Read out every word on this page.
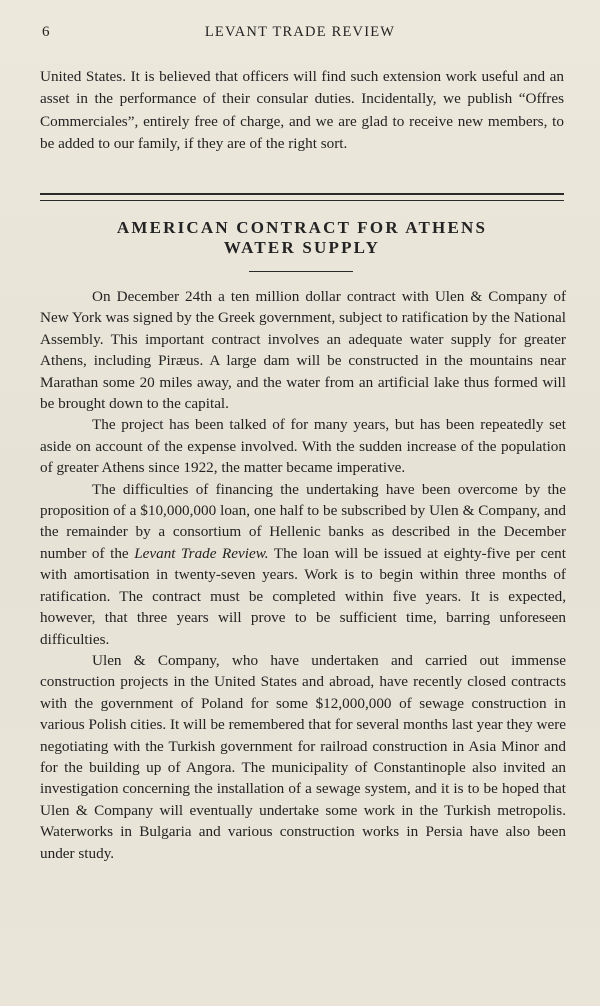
6	LEVANT TRADE REVIEW

United States. It is believed that officers will find such extension work useful and an asset in the performance of their consular duties. Incidentally, we publish “Offres Commerciales”, entirely free of charge, and we are glad to receive new members, to be added to our family, if they are of the right sort.

AMERICAN CONTRACT FOR ATHENS
WATER SUPPLY

On December 24th a ten million dollar contract with Ulen & Company of New York was signed by the Greek government, subject to ratification by the National Assembly. This important contract involves an adequate water supply for greater Athens, including Piræus. A large dam will be constructed in the mountains near Marathan some 20 miles away, and the water from an artificial lake thus formed will be brought down to the capital.

The project has been talked of for many years, but has been repeatedly set aside on account of the expense involved. With the sudden increase of the population of greater Athens since 1922, the matter became imperative.

The difficulties of financing the undertaking have been overcome by the proposition of a $10,000,000 loan, one half to be subscribed by Ulen & Company, and the remainder by a consortium of Hellenic banks as described in the December number of the Levant Trade Review. The loan will be issued at eighty-five per cent with amortisation in twenty-seven years. Work is to begin within three months of ratification. The contract must be completed within five years. It is expected, however, that three years will prove to be sufficient time, barring unforeseen difficulties.

Ulen & Company, who have undertaken and carried out immense construction projects in the United States and abroad, have recently closed contracts with the government of Poland for some $12,000,000 of sewage construction in various Polish cities. It will be remembered that for several months last year they were negotiating with the Turkish government for railroad construction in Asia Minor and for the building up of Angora. The municipality of Constantinople also invited an investigation concerning the installation of a sewage system, and it is to be hoped that Ulen & Company will eventually undertake some work in the Turkish metropolis. Waterworks in Bulgaria and various construction works in Persia have also been under study.
